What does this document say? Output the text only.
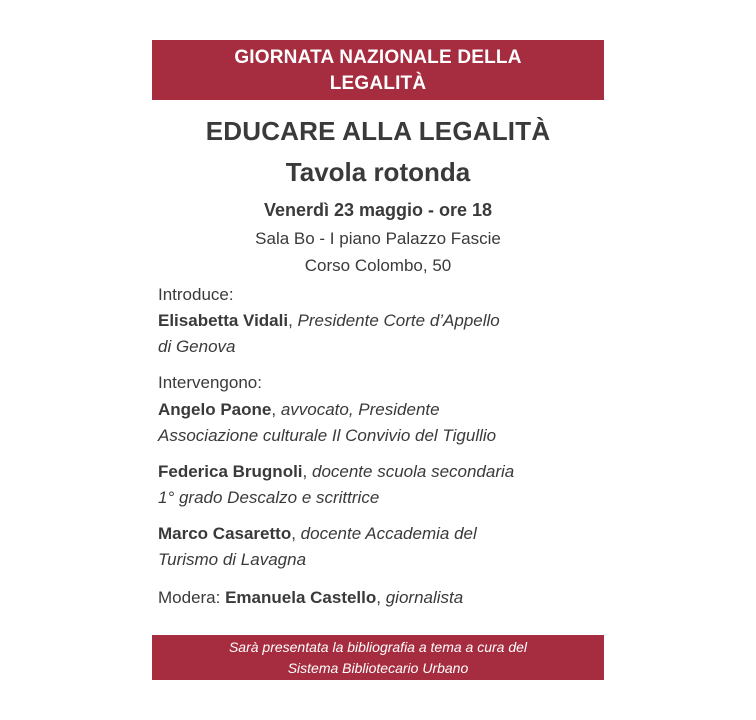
GIORNATA NAZIONALE DELLA
LEGALITÀ
EDUCARE ALLA LEGALITÀ
Tavola rotonda
Venerdì 23 maggio - ore 18
Sala Bo - I piano Palazzo Fascie
Corso Colombo, 50
Introduce:
Elisabetta Vidali, Presidente Corte d’Appello
di Genova
Intervengono:
Angelo Paone, avvocato, Presidente
Associazione culturale Il Convivio del Tigullio
Federica Brugnoli, docente scuola secondaria
1° grado Descalzo e scrittrice
Marco Casaretto, docente Accademia del
Turismo di Lavagna
Modera: Emanuela Castello, giornalista
Sarà presentata la bibliografia a tema a cura del
Sistema Bibliotecario Urbano
